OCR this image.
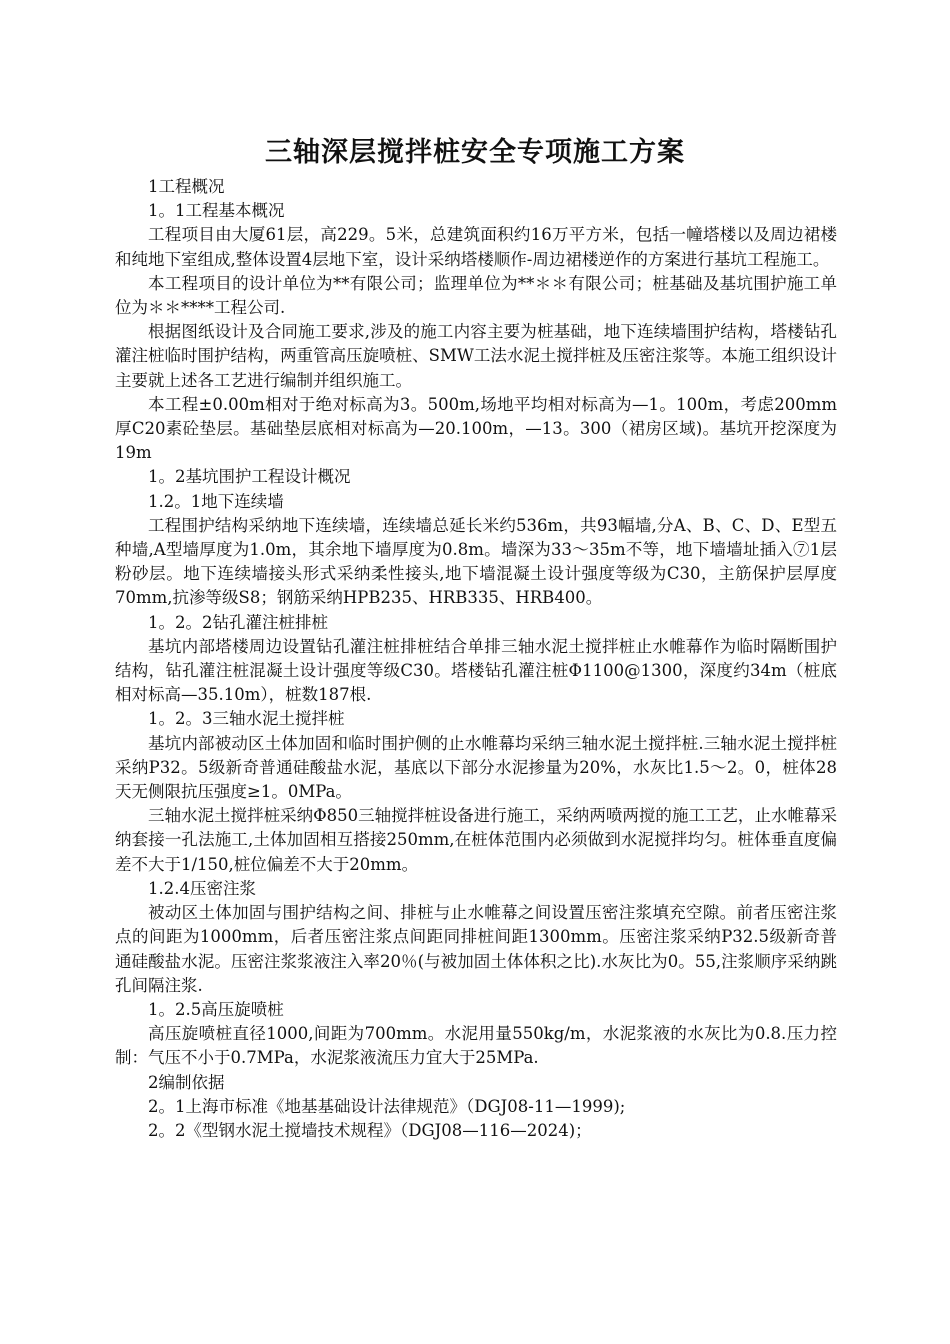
三轴深层搅拌桩安全专项施工方案

1工程概况

1。1工程基本概况

工程项目由大厦61层，高229。5米，总建筑面积约16万平方米，包括一幢塔楼以及周边裙楼和纯地下室组成,整体设置4层地下室，设计采纳塔楼顺作-周边裙楼逆作的方案进行基坑工程施工。

本工程项目的设计单位为**有限公司；监理单位为**＊＊有限公司；桩基础及基坑围护施工单位为＊＊****工程公司.

根据图纸设计及合同施工要求,涉及的施工内容主要为桩基础，地下连续墙围护结构，塔楼钻孔灌注桩临时围护结构，两重管高压旋喷桩、SMW工法水泥土搅拌桩及压密注浆等。本施工组织设计主要就上述各工艺进行编制并组织施工。

本工程±0.00m相对于绝对标高为3。500m,场地平均相对标高为—1。100m，考虑200mm厚C20素砼垫层。基础垫层底相对标高为—20.100m，—13。300（裙房区域)。基坑开挖深度为19m

1。2基坑围护工程设计概况

1.2。1地下连续墙

工程围护结构采纳地下连续墙，连续墙总延长米约536m，共93幅墙,分A、B、C、D、E型五种墙,A型墙厚度为1.0m，其余地下墙厚度为0.8m。墙深为33～35m不等，地下墙墙址插入⑦1层粉砂层。地下连续墙接头形式采纳柔性接头,地下墙混凝土设计强度等级为C30，主筋保护层厚度70mm,抗渗等级S8；钢筋采纳HPB235、HRB335、HRB400。

1。2。2钻孔灌注桩排桩

基坑内部塔楼周边设置钻孔灌注桩排桩结合单排三轴水泥土搅拌桩止水帷幕作为临时隔断围护结构，钻孔灌注桩混凝土设计强度等级C30。塔楼钻孔灌注桩Φ1100@1300，深度约34m（桩底相对标高—35.10m），桩数187根.

1。2。3三轴水泥土搅拌桩

基坑内部被动区土体加固和临时围护侧的止水帷幕均采纳三轴水泥土搅拌桩.三轴水泥土搅拌桩采纳P32。5级新奇普通硅酸盐水泥，基底以下部分水泥掺量为20%，水灰比1.5～2。0，桩体28天无侧限抗压强度≥1。0MPa。

三轴水泥土搅拌桩采纳Φ850三轴搅拌桩设备进行施工，采纳两喷两搅的施工工艺，止水帷幕采纳套接一孔法施工,土体加固相互搭接250mm,在桩体范围内必须做到水泥搅拌均匀。桩体垂直度偏差不大于1/150,桩位偏差不大于20mm。

1.2.4压密注浆

被动区土体加固与围护结构之间、排桩与止水帷幕之间设置压密注浆填充空隙。前者压密注浆点的间距为1000mm，后者压密注浆点间距同排桩间距1300mm。压密注浆采纳P32.5级新奇普通硅酸盐水泥。压密注浆浆液注入率20％(与被加固土体体积之比).水灰比为0。55,注浆顺序采纳跳孔间隔注浆.

1。2.5高压旋喷桩

高压旋喷桩直径1000,间距为700mm。水泥用量550kg/m，水泥浆液的水灰比为0.8.压力控制：气压不小于0.7MPa，水泥浆液流压力宜大于25MPa.

2编制依据

2。1上海市标准《地基基础设计法律规范》（DGJ08-11—1999);

2。2《型钢水泥土搅墙技术规程》（DGJ08—116—2024)；
